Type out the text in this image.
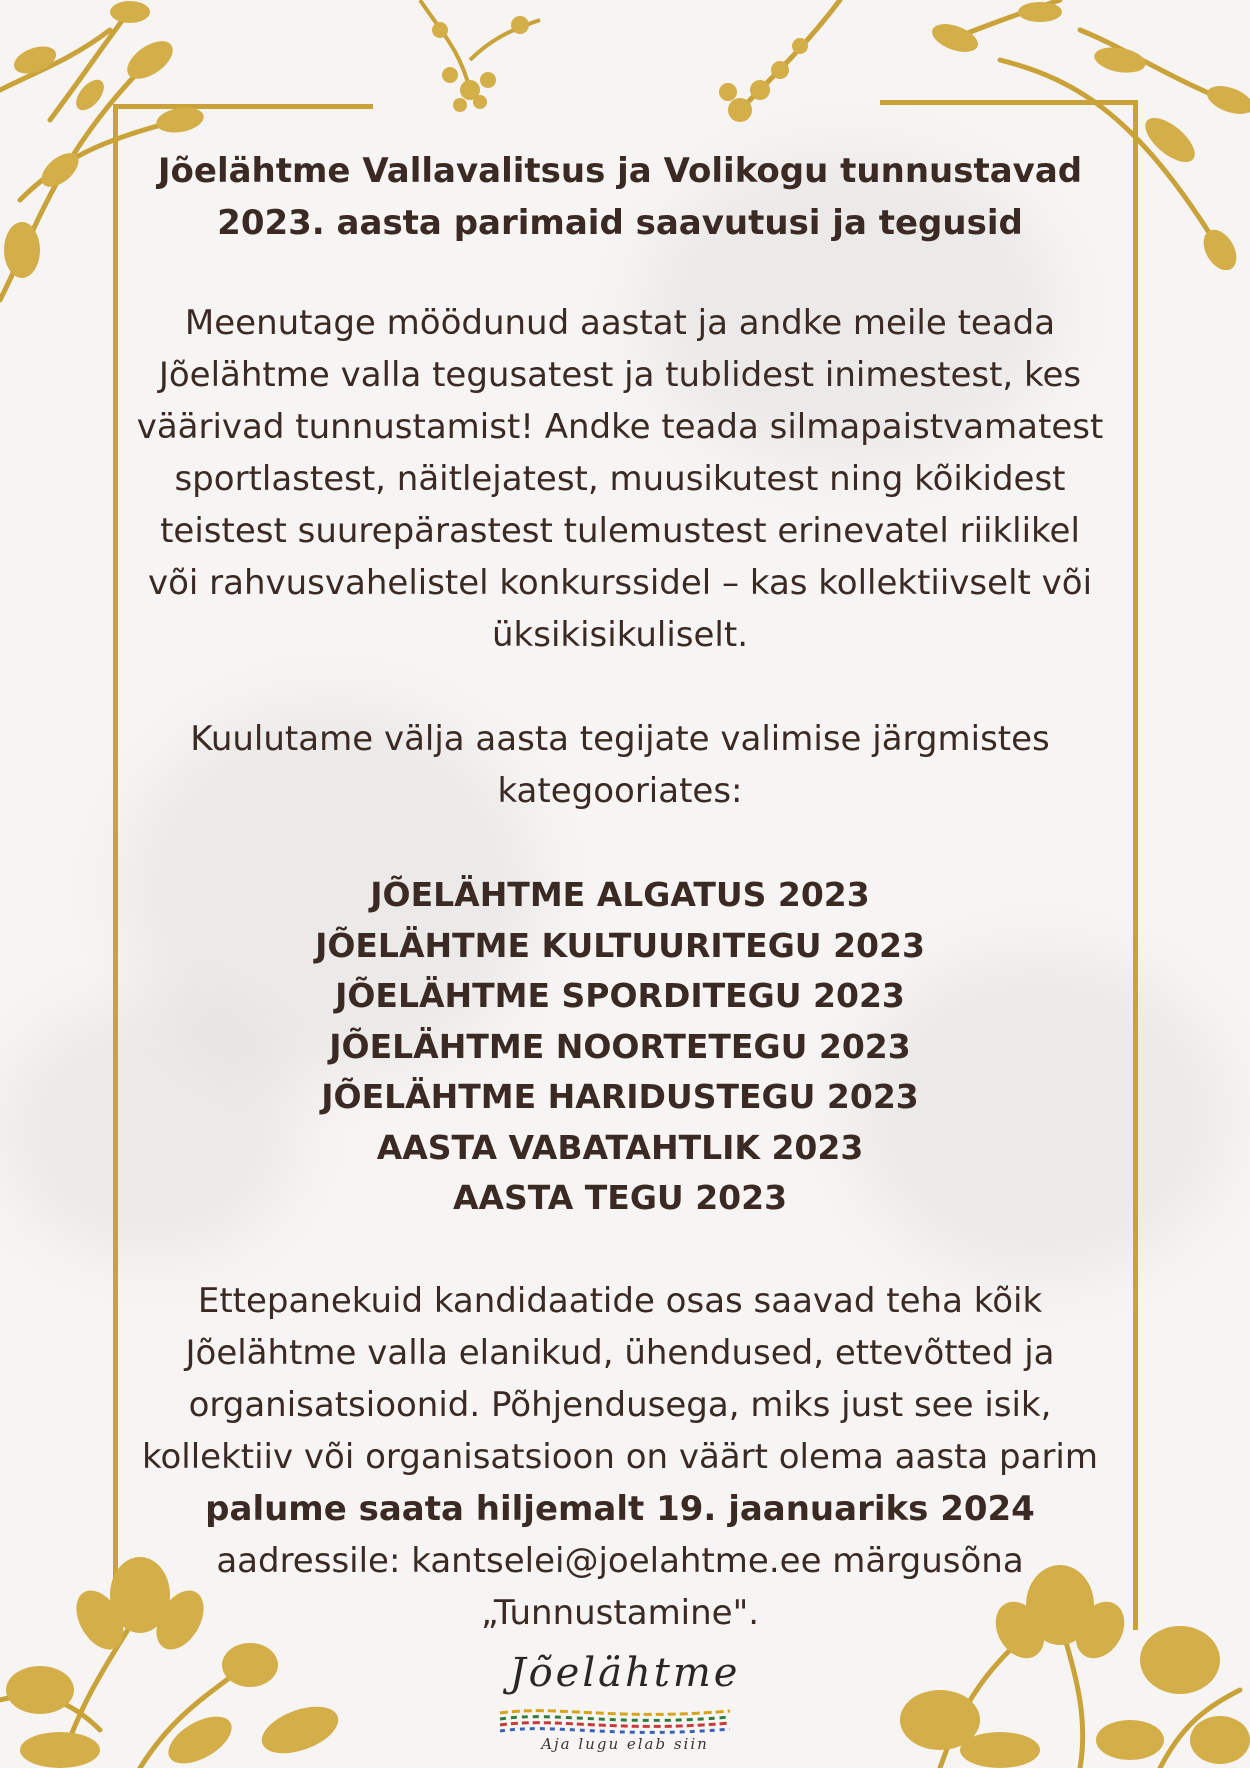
Jõelähtme Vallavalitsus ja Volikogu tunnustavad
2023. aasta parimaid saavutusi ja tegusid
Meenutage möödunud aastat ja andke meile teada
Jõelähtme valla tegusatest ja tublidest inimestest, kes
väärivad tunnustamist! Andke teada silmapaistvamatest
sportlastest, näitlejatest, muusikutest ning kõikidest
teistest suurepärastest tulemustest erinevatel riiklikel
või rahvusvahelistel konkurssidel – kas kollektiivselt või
üksikisikuliselt.
Kuulutame välja aasta tegijate valimise järgmistes
kategooriates:
JÕELÄHTME ALGATUS 2023
JÕELÄHTME KULTUURITEGU 2023
JÕELÄHTME SPORDITEGU 2023
JÕELÄHTME NOORTETEGU 2023
JÕELÄHTME HARIDUSTEGU 2023
AASTA VABATAHTLIK 2023
AASTA TEGU 2023
Ettepanekuid kandidaatide osas saavad teha kõik
Jõelähtme valla elanikud, ühendused, ettevõtted ja
organisatsioonid. Põhjendusega, miks just see isik,
kollektiiv või organisatsioon on väärt olema aasta parim
palume saata hiljemalt 19. jaanuariks 2024
aadressile: kantselei@joelahtme.ee märgusõna
„Tunnustamine".
Jõelähtme
Aja lugu elab siin
